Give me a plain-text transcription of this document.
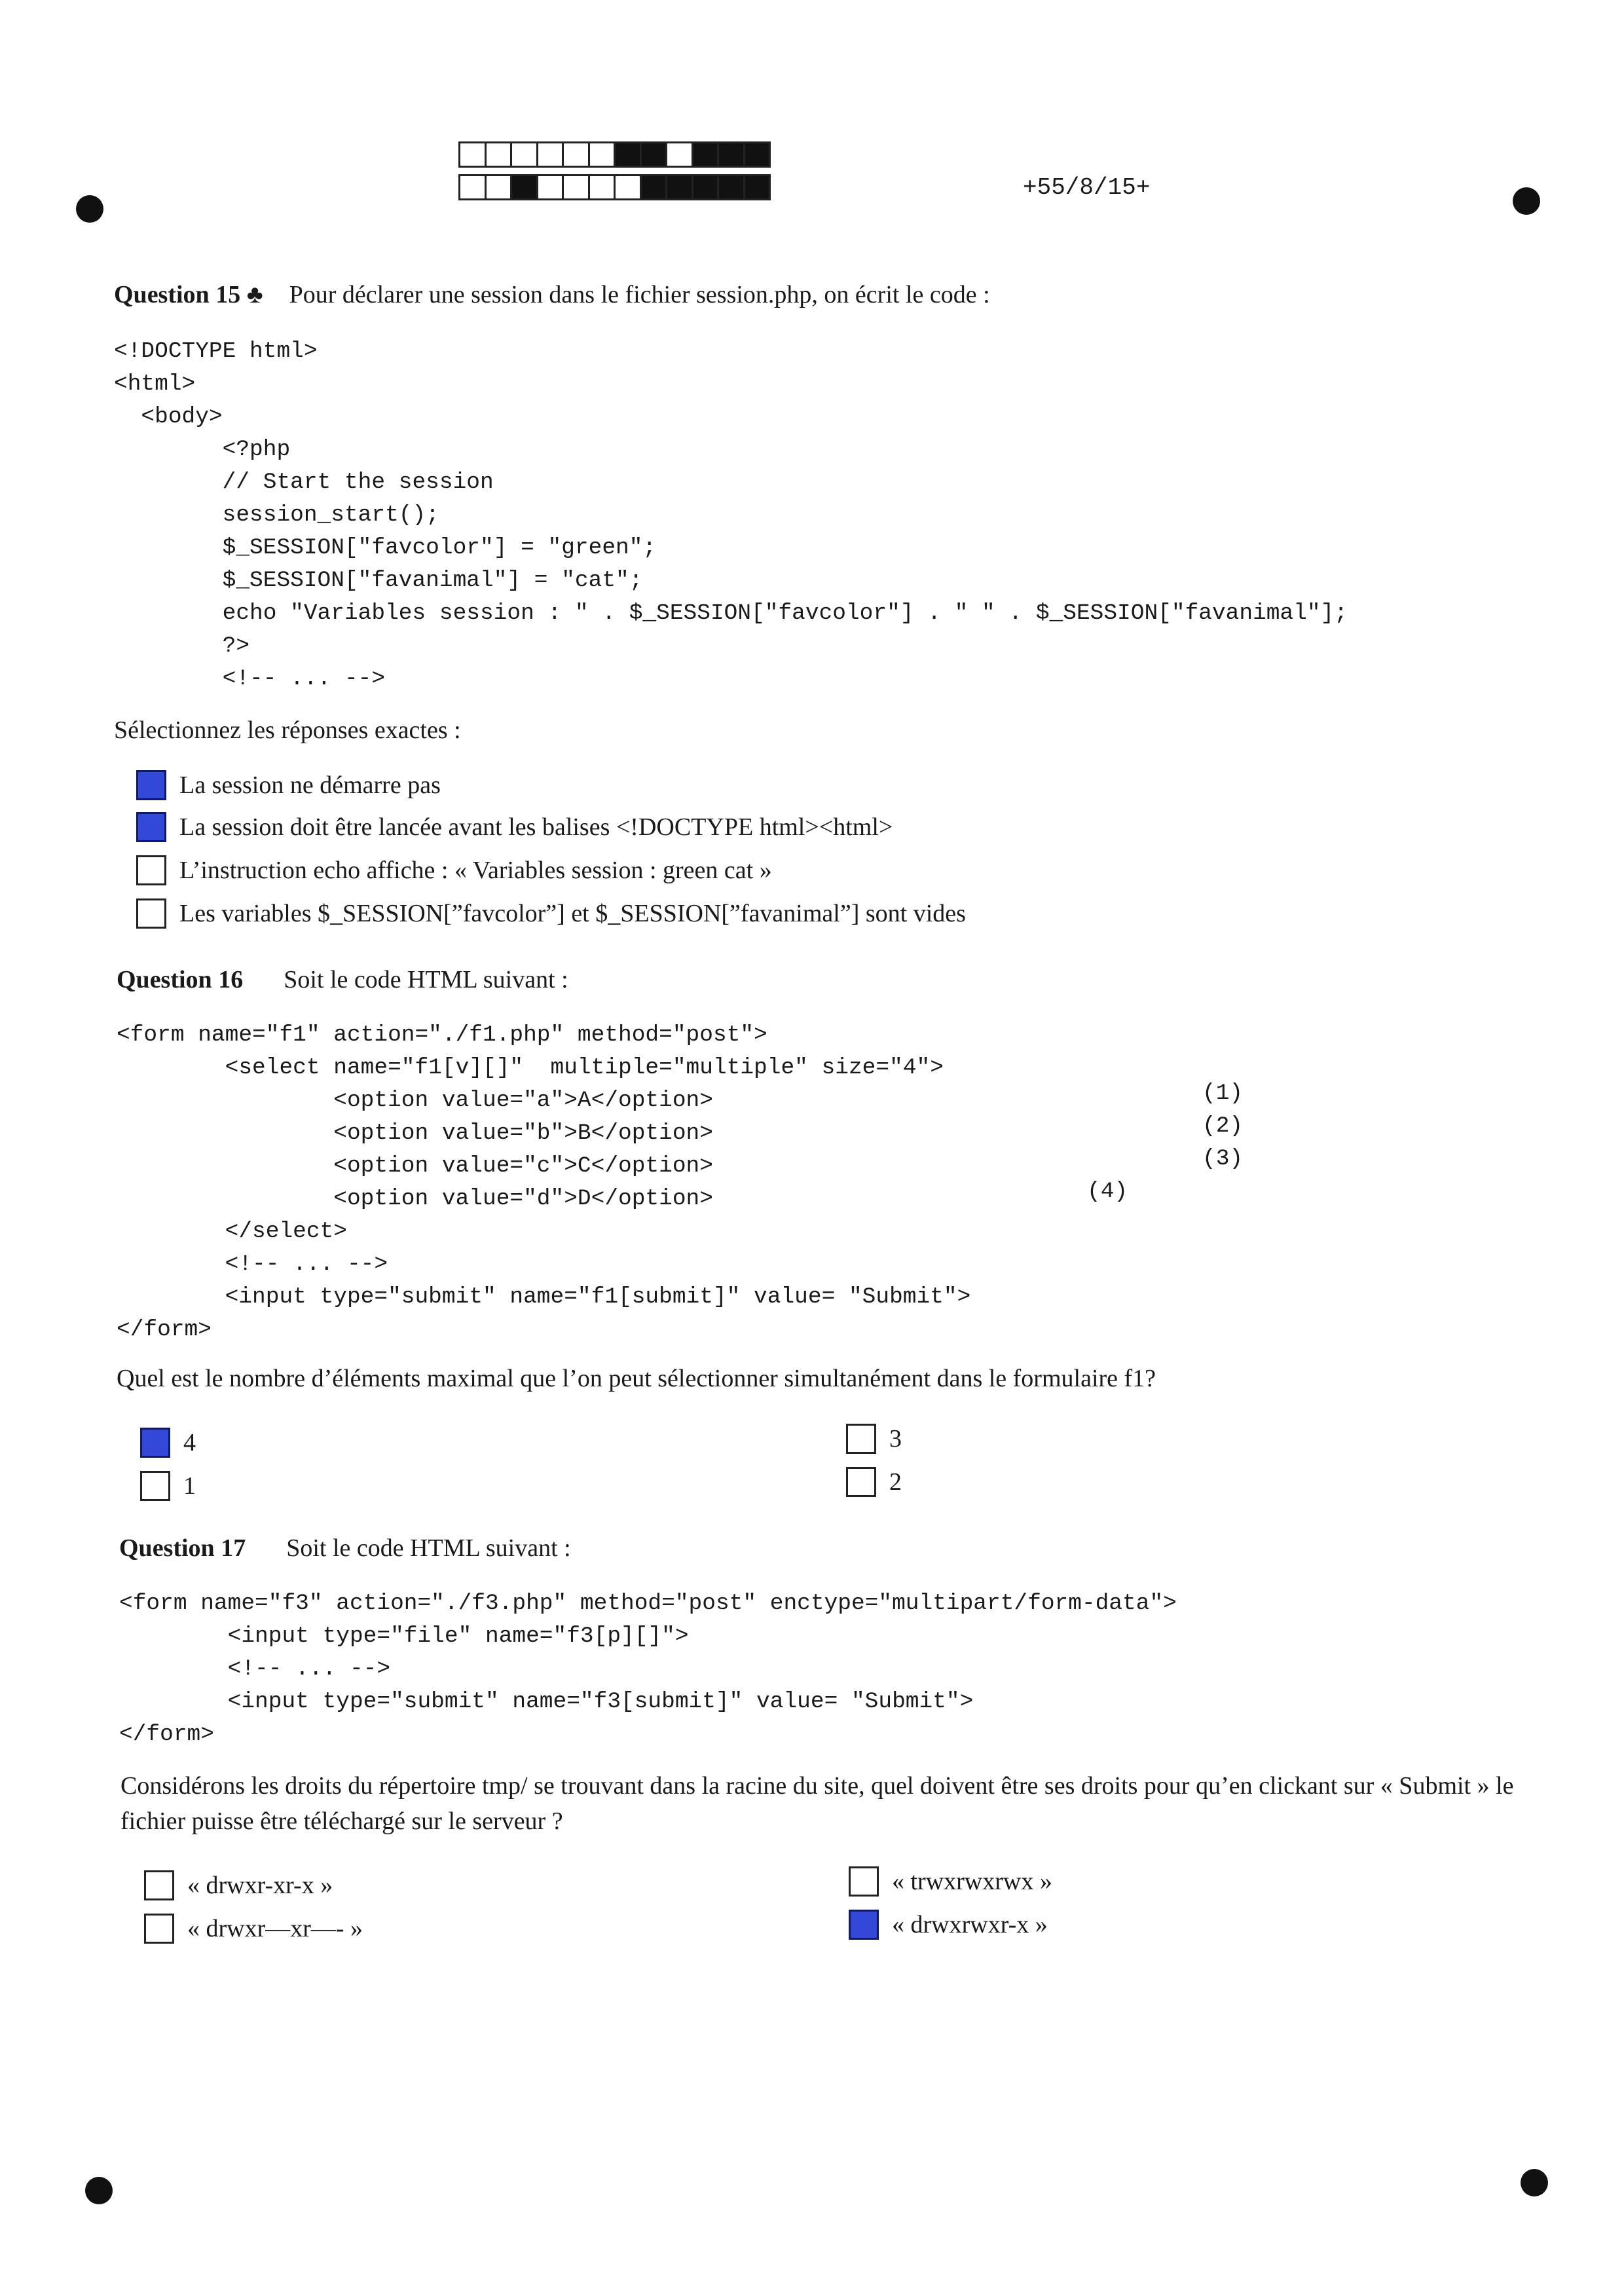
+55/8/15+
Question 15 ♣ Pour déclarer une session dans le fichier session.php, on écrit le code :
<!DOCTYPE html>
<html>
<body>
<?php
// Start the session
session_start();
$_SESSION["favcolor"] = "green";
$_SESSION["favanimal"] = "cat";
echo "Variables session : " . $_SESSION["favcolor"] . " " . $_SESSION["favanimal"];
?>
<!-- ... -->
Sélectionnez les réponses exactes :
La session ne démarre pas
La session doit être lancée avant les balises <!DOCTYPE html><html>
L’instruction echo affiche : « Variables session : green cat »
Les variables $_SESSION[”favcolor”] et $_SESSION[”favanimal”] sont vides
Question 16 Soit le code HTML suivant :
<form name="f1" action="./f1.php" method="post">
<select name="f1[v][]"  multiple="multiple" size="4">
<option value="a">A</option>
<option value="b">B</option>
<option value="c">C</option>
<option value="d">D</option>
</select>
<!-- ... -->
<input type="submit" name="f1[submit]" value= "Submit">
</form>
(1)
(2)
(3)
(4)
Quel est le nombre d’éléments maximal que l’on peut sélectionner simultanément dans le formulaire f1?
4
1
3
2
Question 17 Soit le code HTML suivant :
<form name="f3" action="./f3.php" method="post" enctype="multipart/form-data">
<input type="file" name="f3[p][]">
<!-- ... -->
<input type="submit" name="f3[submit]" value= "Submit">
</form>
Considérons les droits du répertoire tmp/ se trouvant dans la racine du site, quel doivent être ses droits pour qu’en clickant sur « Submit » le fichier puisse être téléchargé sur le serveur ?
« drwxr-xr-x »
« drwxr—xr—- »
« trwxrwxrwx »
« drwxrwxr-x »
